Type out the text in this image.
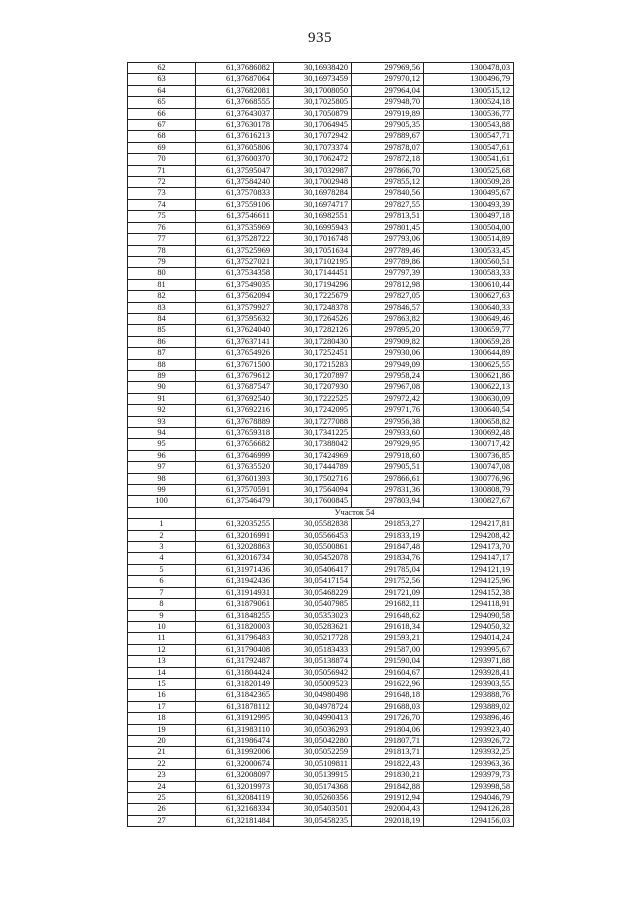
935
62	61,37686082	30,16938420	297969,56	1300478,03
63	61,37687064	30,16973459	297970,12	1300496,79
64	61,37682081	30,17008050	297964,04	1300515,12
65	61,37668555	30,17025805	297948,70	1300524,18
66	61,37643037	30,17050879	297919,89	1300536,77
67	61,37630178	30,17064945	297905,35	1300543,88
68	61,37616213	30,17072942	297889,67	1300547,71
69	61,37605806	30,17073374	297878,07	1300547,61
70	61,37600370	30,17062472	297872,18	1300541,61
71	61,37595047	30,17032987	297866,70	1300525,68
72	61,37584240	30,17002948	297855,12	1300509,28
73	61,37570833	30,16978284	297840,56	1300495,67
74	61,37559106	30,16974717	297827,55	1300493,39
75	61,37546611	30,16982551	297813,51	1300497,18
76	61,37535969	30,16995943	297801,45	1300504,00
77	61,37528722	30,17016748	297793,06	1300514,89
78	61,37525969	30,17051634	297789,46	1300533,45
79	61,37527021	30,17102195	297789,86	1300560,51
80	61,37534358	30,17144451	297797,39	1300583,33
81	61,37549035	30,17194296	297812,98	1300610,44
82	61,37562094	30,17225679	297827,05	1300627,63
83	61,37579927	30,17248378	297846,57	1300640,33
84	61,37595632	30,17264526	297863,82	1300649,46
85	61,37624040	30,17282126	297895,20	1300659,77
86	61,37637141	30,17280430	297909,82	1300659,28
87	61,37654926	30,17252451	297930,06	1300644,89
88	61,37671500	30,17215283	297949,09	1300625,55
89	61,37679612	30,17207897	297958,24	1300621,86
90	61,37687547	30,17207930	297967,08	1300622,13
91	61,37692540	30,17222525	297972,42	1300630,09
92	61,37692216	30,17242095	297971,76	1300640,54
93	61,37678889	30,17277088	297956,38	1300658,82
94	61,37659318	30,17341225	297933,60	1300692,48
95	61,37656682	30,17388042	297929,95	1300717,42
96	61,37646999	30,17424969	297918,60	1300736,85
97	61,37635520	30,17444789	297905,51	1300747,08
98	61,37601393	30,17502716	297866,61	1300776,96
99	61,37570591	30,17564094	297831,36	1300808,79
100	61,37546479	30,17600845	297803,94	1300827,67
	Участок 54			
1	61,32035255	30,05582838	291853,27	1294217,81
2	61,32016991	30,05566453	291833,19	1294208,42
3	61,32028863	30,05500861	291847,48	1294173,70
4	61,32016734	30,05452078	291834,76	1294147,17
5	61,31971436	30,05406417	291785,04	1294121,19
6	61,31942436	30,05417154	291752,56	1294125,96
7	61,31914931	30,05468229	291721,09	1294152,38
8	61,31879061	30,05407985	291682,11	1294118,91
9	61,31848255	30,05353023	291648,62	1294090,58
10	61,31820003	30,05283621	291618,34	1294050,32
11	61,31796483	30,05217728	291593,21	1294014,24
12	61,31790408	30,05183433	291587,00	1293995,67
13	61,31792487	30,05138874	291590,04	1293971,88
14	61,31804424	30,05056942	291604,67	1293928,41
15	61,31820149	30,05009523	291622,96	1293903,55
16	61,31842365	30,04980498	291648,18	1293888,76
17	61,31878112	30,04978724	291688,03	1293889,02
18	61,31912995	30,04990413	291726,70	1293896,46
19	61,31983110	30,05036293	291804,06	1293923,40
20	61,31986474	30,05042280	291807,71	1293926,72
21	61,31992006	30,05052259	291813,71	1293932,25
22	61,32000674	30,05109811	291822,43	1293963,36
23	61,32008097	30,05139915	291830,21	1293979,73
24	61,32019973	30,05174368	291842,88	1293998,58
25	61,32084119	30,05260356	291912,94	1294046,79
26	61,32168334	30,05403501	292004,43	1294126,28
27	61,32181484	30,05458235	292018,19	1294156,03
